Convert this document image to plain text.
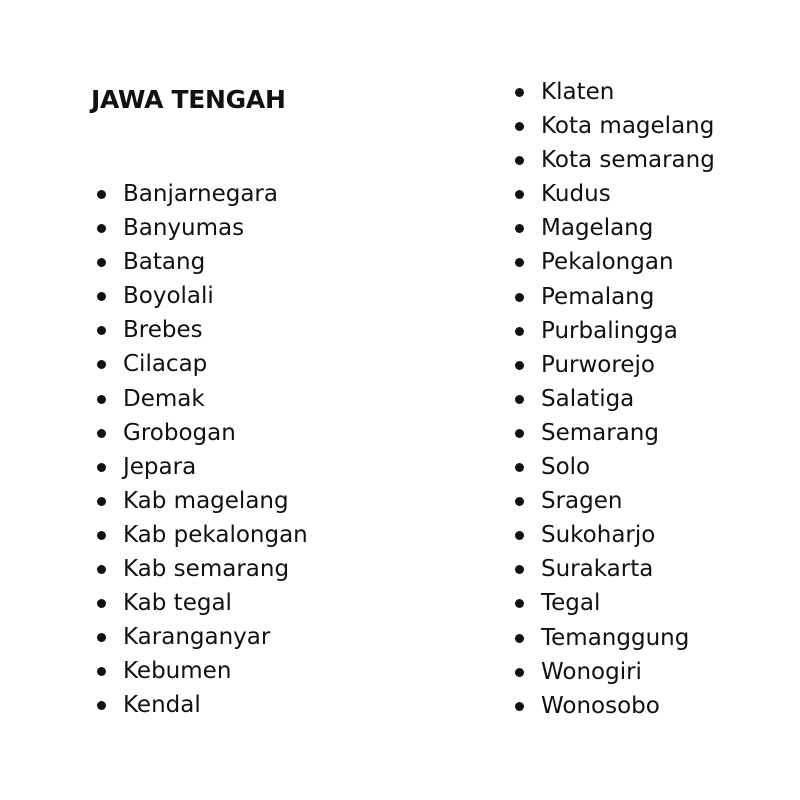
JAWA TENGAH
Banjarnegara
Banyumas
Batang
Boyolali
Brebes
Cilacap
Demak
Grobogan
Jepara
Kab magelang
Kab pekalongan
Kab semarang
Kab tegal
Karanganyar
Kebumen
Kendal
Klaten
Kota magelang
Kota semarang
Kudus
Magelang
Pekalongan
Pemalang
Purbalingga
Purworejo
Salatiga
Semarang
Solo
Sragen
Sukoharjo
Surakarta
Tegal
Temanggung
Wonogiri
Wonosobo
